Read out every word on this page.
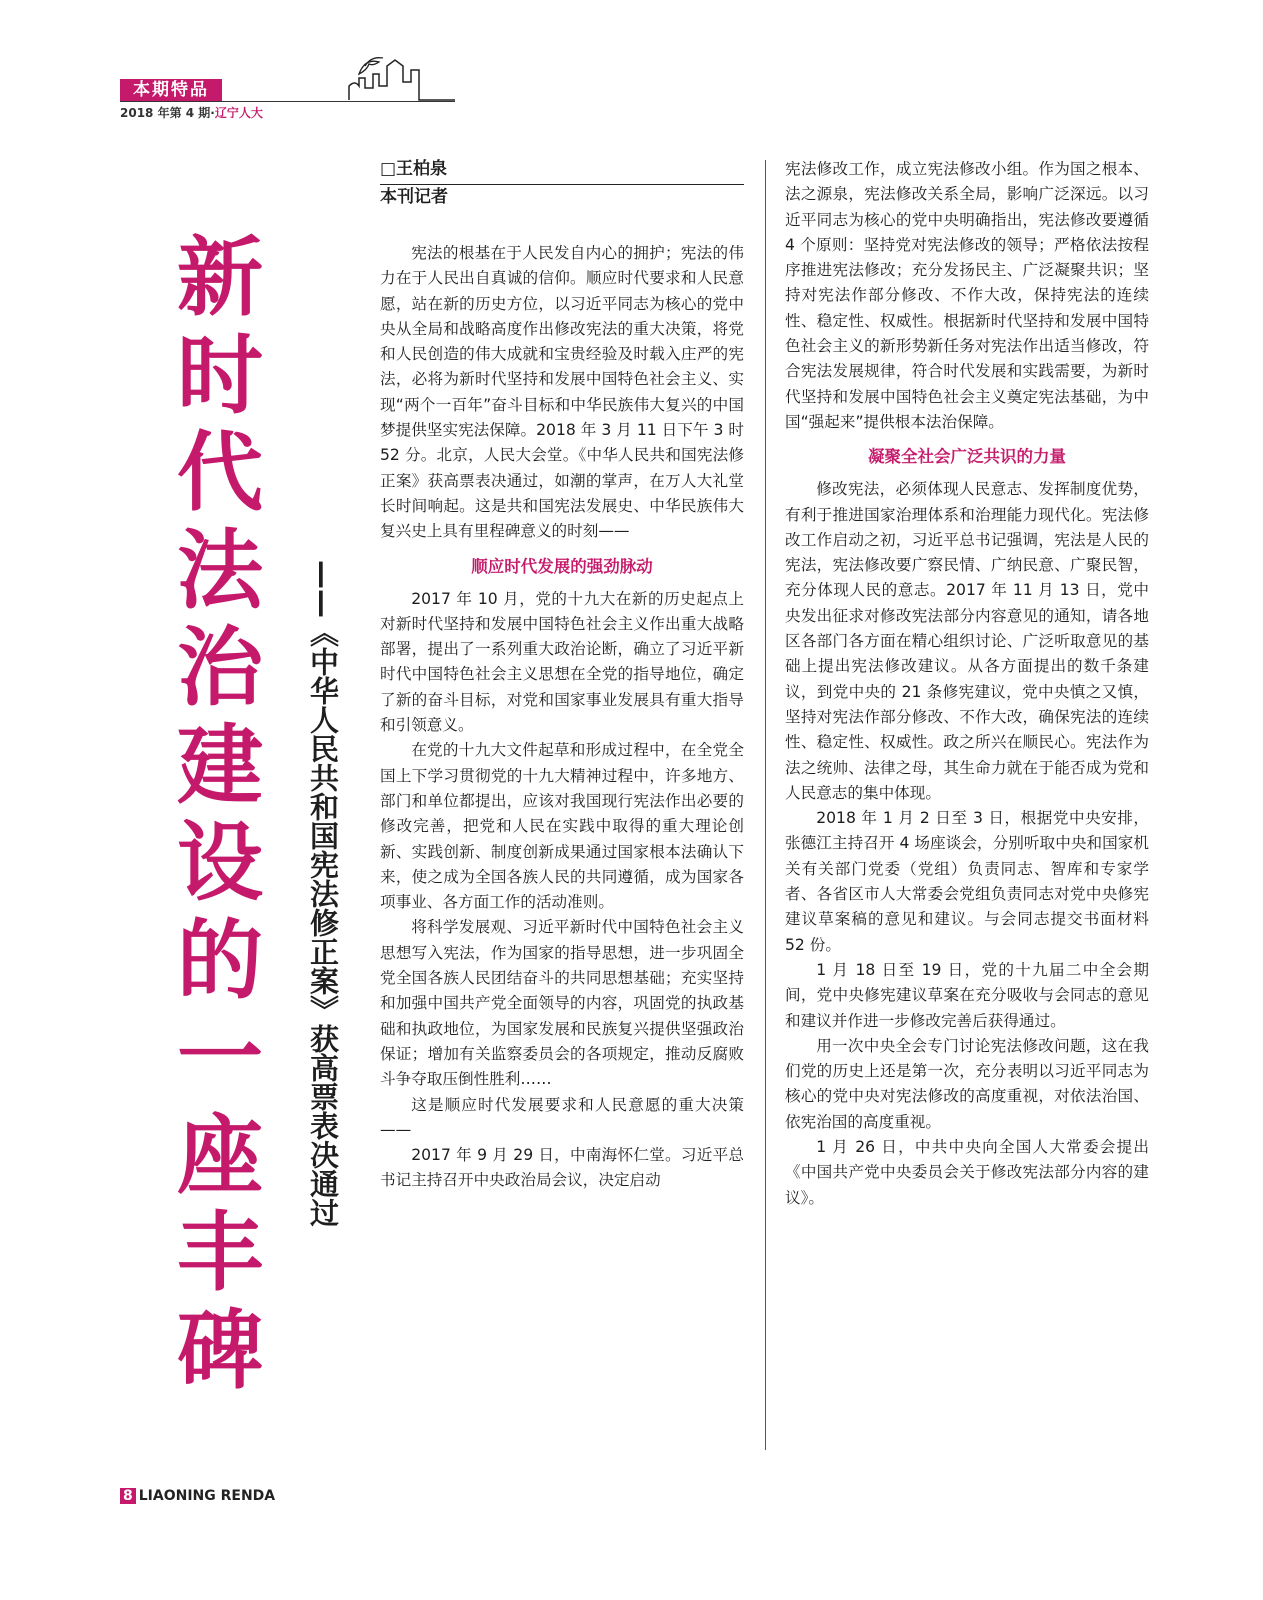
本期特品
2018 年第 4 期·辽宁人大
新
时
代
法
治
建
设
的
一
座
丰
碑
——《中华人民共和国宪法修正案》获高票表决通过
□王柏泉
本刊记者

宪法的根基在于人民发自内心的拥护；宪法的伟力在于人民出自真诚的信仰。顺应时代要求和人民意愿，站在新的历史方位，以习近平同志为核心的党中央从全局和战略高度作出修改宪法的重大决策，将党和人民创造的伟大成就和宝贵经验及时载入庄严的宪法，必将为新时代坚持和发展中国特色社会主义、实现“两个一百年”奋斗目标和中华民族伟大复兴的中国梦提供坚实宪法保障。2018 年 3 月 11 日下午 3 时 52 分。北京，人民大会堂。《中华人民共和国宪法修正案》获高票表决通过，如潮的掌声，在万人大礼堂长时间响起。这是共和国宪法发展史、中华民族伟大复兴史上具有里程碑意义的时刻——

顺应时代发展的强劲脉动

2017 年 10 月，党的十九大在新的历史起点上对新时代坚持和发展中国特色社会主义作出重大战略部署，提出了一系列重大政治论断，确立了习近平新时代中国特色社会主义思想在全党的指导地位，确定了新的奋斗目标，对党和国家事业发展具有重大指导和引领意义。

在党的十九大文件起草和形成过程中，在全党全国上下学习贯彻党的十九大精神过程中，许多地方、部门和单位都提出，应该对我国现行宪法作出必要的修改完善，把党和人民在实践中取得的重大理论创新、实践创新、制度创新成果通过国家根本法确认下来，使之成为全国各族人民的共同遵循，成为国家各项事业、各方面工作的活动准则。

将科学发展观、习近平新时代中国特色社会主义思想写入宪法，作为国家的指导思想，进一步巩固全党全国各族人民团结奋斗的共同思想基础；充实坚持和加强中国共产党全面领导的内容，巩固党的执政基础和执政地位，为国家发展和民族复兴提供坚强政治保证；增加有关监察委员会的各项规定，推动反腐败斗争夺取压倒性胜利……

这是顺应时代发展要求和人民意愿的重大决策——

2017 年 9 月 29 日，中南海怀仁堂。习近平总书记主持召开中央政治局会议，决定启动

宪法修改工作，成立宪法修改小组。作为国之根本、法之源泉，宪法修改关系全局，影响广泛深远。以习近平同志为核心的党中央明确指出，宪法修改要遵循 4 个原则：坚持党对宪法修改的领导；严格依法按程序推进宪法修改；充分发扬民主、广泛凝聚共识；坚持对宪法作部分修改、不作大改，保持宪法的连续性、稳定性、权威性。根据新时代坚持和发展中国特色社会主义的新形势新任务对宪法作出适当修改，符合宪法发展规律，符合时代发展和实践需要，为新时代坚持和发展中国特色社会主义奠定宪法基础，为中国“强起来”提供根本法治保障。

凝聚全社会广泛共识的力量

修改宪法，必须体现人民意志、发挥制度优势，有利于推进国家治理体系和治理能力现代化。宪法修改工作启动之初，习近平总书记强调，宪法是人民的宪法，宪法修改要广察民情、广纳民意、广聚民智，充分体现人民的意志。2017 年 11 月 13 日，党中央发出征求对修改宪法部分内容意见的通知，请各地区各部门各方面在精心组织讨论、广泛听取意见的基础上提出宪法修改建议。从各方面提出的数千条建议，到党中央的 21 条修宪建议，党中央慎之又慎，坚持对宪法作部分修改、不作大改，确保宪法的连续性、稳定性、权威性。政之所兴在顺民心。宪法作为法之统帅、法律之母，其生命力就在于能否成为党和人民意志的集中体现。

2018 年 1 月 2 日至 3 日，根据党中央安排，张德江主持召开 4 场座谈会，分别听取中央和国家机关有关部门党委（党组）负责同志、智库和专家学者、各省区市人大常委会党组负责同志对党中央修宪建议草案稿的意见和建议。与会同志提交书面材料 52 份。

1 月 18 日至 19 日，党的十九届二中全会期间，党中央修宪建议草案在充分吸收与会同志的意见和建议并作进一步修改完善后获得通过。

用一次中央全会专门讨论宪法修改问题，这在我们党的历史上还是第一次，充分表明以习近平同志为核心的党中央对宪法修改的高度重视，对依法治国、依宪治国的高度重视。

1 月 26 日，中共中央向全国人大常委会提出《中国共产党中央委员会关于修改宪法部分内容的建议》。

8 LIAONING RENDA
